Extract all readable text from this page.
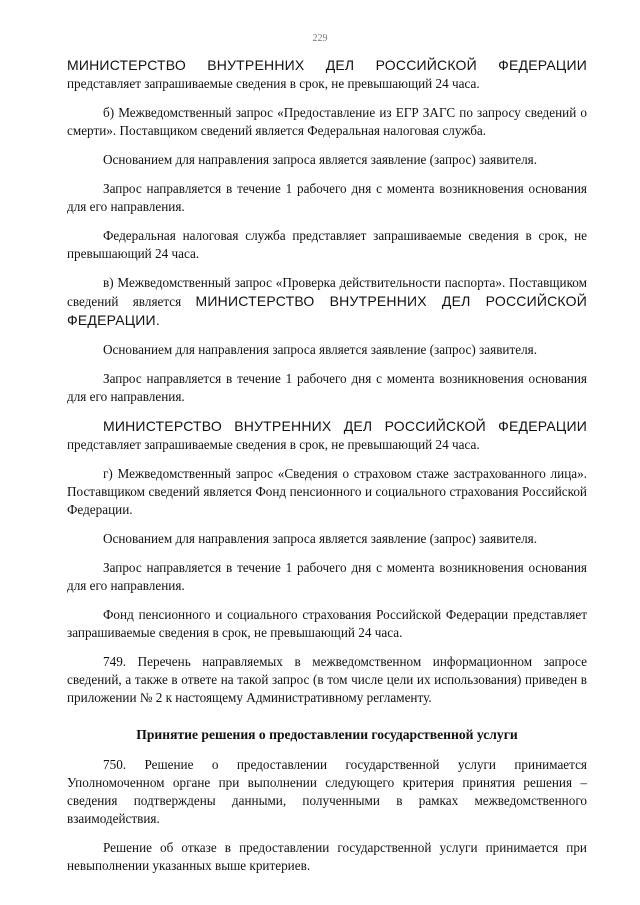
229

МИНИСТЕРСТВО ВНУТРЕННИХ ДЕЛ РОССИЙСКОЙ ФЕДЕРАЦИИ представляет запрашиваемые сведения в срок, не превышающий 24 часа.

б) Межведомственный запрос «Предоставление из ЕГР ЗАГС по запросу сведений о смерти». Поставщиком сведений является Федеральная налоговая служба.

Основанием для направления запроса является заявление (запрос) заявителя.

Запрос направляется в течение 1 рабочего дня с момента возникновения основания для его направления.

Федеральная налоговая служба представляет запрашиваемые сведения в срок, не превышающий 24 часа.

в) Межведомственный запрос «Проверка действительности паспорта». Поставщиком сведений является МИНИСТЕРСТВО ВНУТРЕННИХ ДЕЛ РОССИЙСКОЙ ФЕДЕРАЦИИ.

Основанием для направления запроса является заявление (запрос) заявителя.

Запрос направляется в течение 1 рабочего дня с момента возникновения основания для его направления.

МИНИСТЕРСТВО ВНУТРЕННИХ ДЕЛ РОССИЙСКОЙ ФЕДЕРАЦИИ представляет запрашиваемые сведения в срок, не превышающий 24 часа.

г) Межведомственный запрос «Сведения о страховом стаже застрахованного лица». Поставщиком сведений является Фонд пенсионного и социального страхования Российской Федерации.

Основанием для направления запроса является заявление (запрос) заявителя.

Запрос направляется в течение 1 рабочего дня с момента возникновения основания для его направления.

Фонд пенсионного и социального страхования Российской Федерации представляет запрашиваемые сведения в срок, не превышающий 24 часа.

749. Перечень направляемых в межведомственном информационном запросе сведений, а также в ответе на такой запрос (в том числе цели их использования) приведен в приложении № 2 к настоящему Административному регламенту.

Принятие решения о предоставлении государственной услуги

750. Решение о предоставлении государственной услуги принимается Уполномоченном органе при выполнении следующего критерия принятия решения – сведения подтверждены данными, полученными в рамках межведомственного взаимодействия.

Решение об отказе в предоставлении государственной услуги принимается при невыполнении указанных выше критериев.
